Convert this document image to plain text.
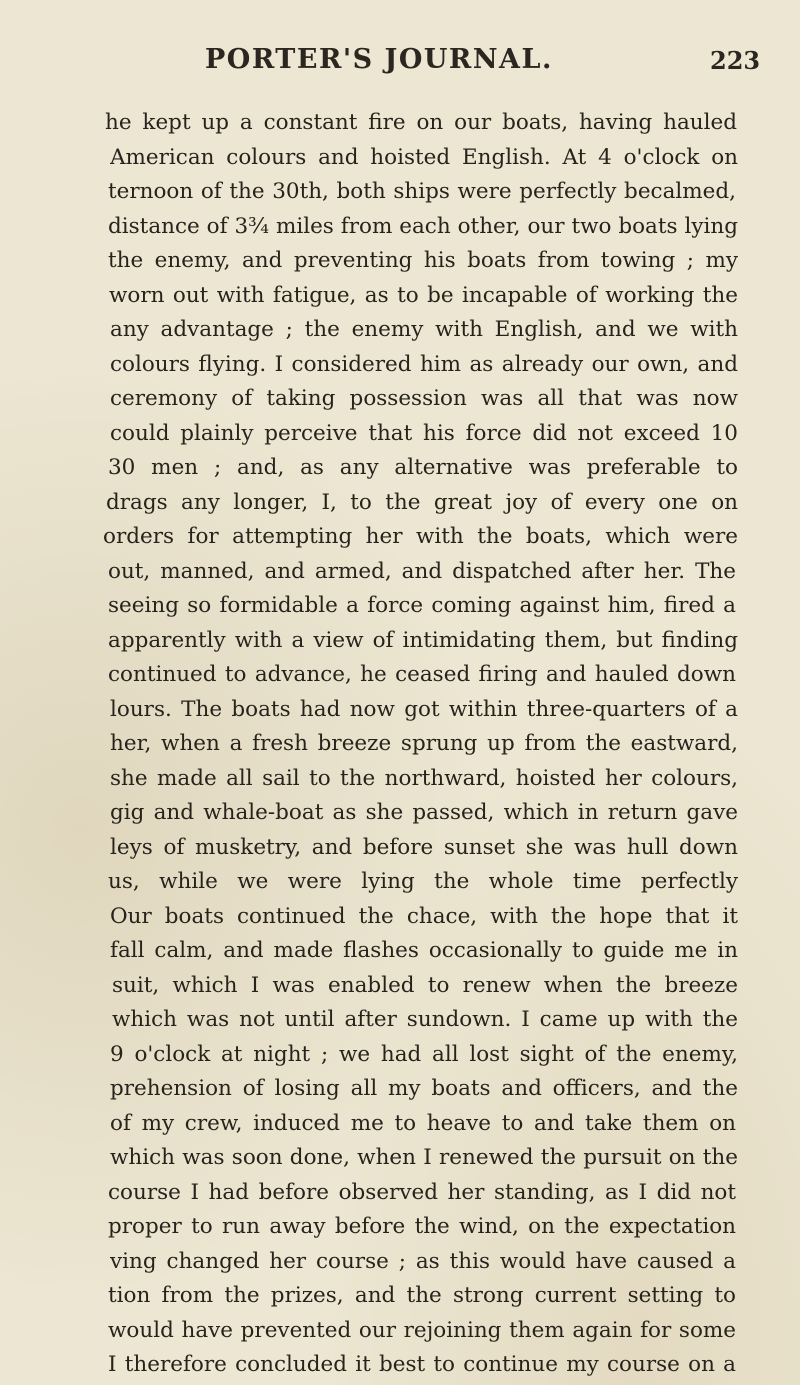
PORTER'S JOURNAL.	223
he kept up a constant fire on our boats, having hauled
American colours and hoisted English. At 4 o'clock on
ternoon of the 30th, both ships were perfectly becalmed,
distance of 3¾ miles from each other, our two boats lying
the enemy, and preventing his boats from towing ; my
worn out with fatigue, as to be incapable of working the
any advantage ; the enemy with English, and we with
colours flying. I considered him as already our own, and
ceremony of taking possession was all that was now
could plainly perceive that his force did not exceed 10
30 men ; and, as any alternative was preferable to
drags any longer, I, to the great joy of every one on
orders for attempting her with the boats, which were
out, manned, and armed, and dispatched after her. The
seeing so formidable a force coming against him, fired a
apparently with a view of intimidating them, but finding
continued to advance, he ceased firing and hauled down
lours. The boats had now got within three-quarters of a
her, when a fresh breeze sprung up from the eastward,
she made all sail to the northward, hoisted her colours,
gig and whale-boat as she passed, which in return gave
leys of musketry, and before sunset she was hull down
us, while we were lying the whole time perfectly
Our boats continued the chace, with the hope that it
fall calm, and made flashes occasionally to guide me in
suit, which I was enabled to renew when the breeze
which was not until after sundown. I came up with the
9 o'clock at night ; we had all lost sight of the enemy,
prehension of losing all my boats and officers, and the
of my crew, induced me to heave to and take them on
which was soon done, when I renewed the pursuit on the
course I had before observed her standing, as I did not
proper to run away before the wind, on the expectation
ving changed her course ; as this would have caused a
tion from the prizes, and the strong current setting to
would have prevented our rejoining them again for some
I therefore concluded it best to continue my course on a
